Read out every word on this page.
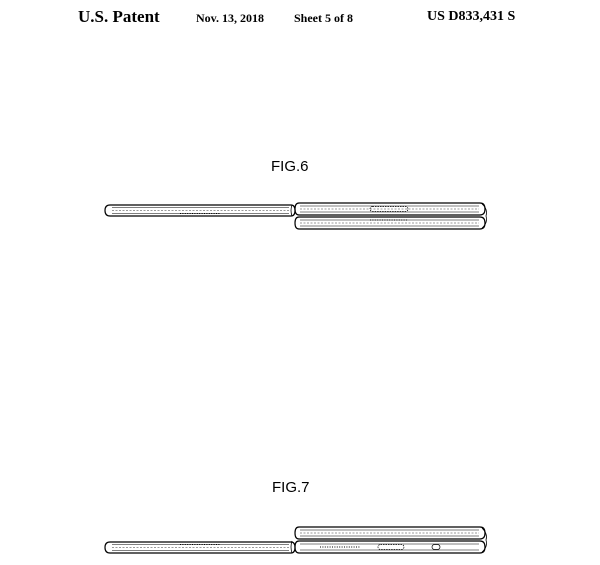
U.S. Patent	Nov. 13, 2018 Sheet 5 of 8	US D833,431 S
FIG.6
FIG.7
